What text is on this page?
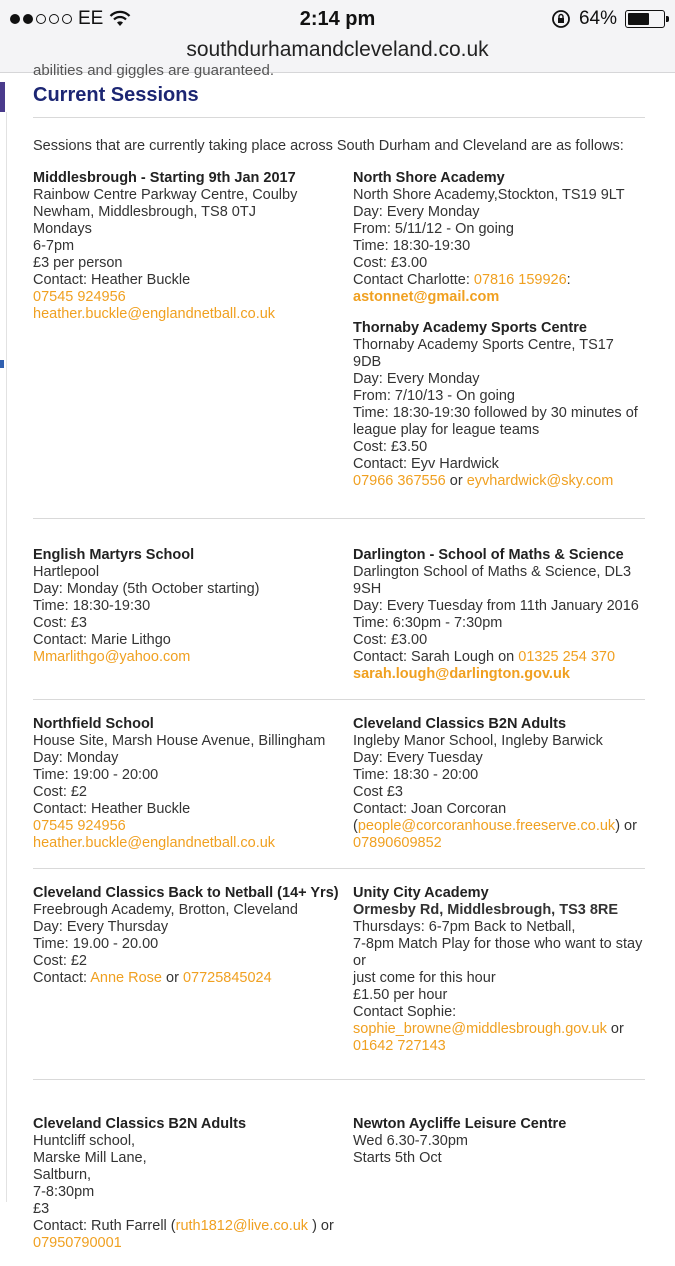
EE	2:14 pm	64%
southdurhamandcleveland.co.uk
abilities and giggles are guaranteed.
Current Sessions
Sessions that are currently taking place across South Durham and Cleveland are as follows:
Middlesbrough - Starting 9th Jan 2017
Rainbow Centre Parkway Centre, Coulby
Newham, Middlesbrough, TS8 0TJ
Mondays
6-7pm
£3 per person
Contact: Heather Buckle
07545 924956
heather.buckle@englandnetball.co.uk
North Shore Academy
North Shore Academy,Stockton, TS19 9LT
Day: Every Monday
From: 5/11/12 - On going
Time: 18:30-19:30
Cost: £3.00
Contact Charlotte: 07816 159926:
astonnet@gmail.com
Thornaby Academy Sports Centre
Thornaby Academy Sports Centre, TS17 9DB
Day: Every Monday
From: 7/10/13 - On going
Time: 18:30-19:30 followed by 30 minutes of
league play for league teams
Cost: £3.50
Contact: Eyv Hardwick
07966 367556 or eyvhardwick@sky.com
English Martyrs School
Hartlepool
Day: Monday (5th October starting)
Time: 18:30-19:30
Cost: £3
Contact: Marie Lithgo
Mmarlithgo@yahoo.com
Darlington - School of Maths & Science
Darlington School of Maths & Science, DL3 9SH
Day: Every Tuesday from 11th January 2016
Time: 6:30pm - 7:30pm
Cost: £3.00
Contact: Sarah Lough on 01325 254 370
sarah.lough@darlington.gov.uk
Northfield School
House Site, Marsh House Avenue, Billingham
Day: Monday
Time: 19:00 - 20:00
Cost: £2
Contact: Heather Buckle
07545 924956
heather.buckle@englandnetball.co.uk
Cleveland Classics B2N Adults
Ingleby Manor School, Ingleby Barwick
Day: Every Tuesday
Time: 18:30 - 20:00
Cost £3
Contact: Joan Corcoran
(people@corcoranhouse.freeserve.co.uk) or
07890609852
Cleveland Classics Back to Netball (14+ Yrs)
Freebrough Academy, Brotton, Cleveland
Day: Every Thursday
Time: 19.00 - 20.00
Cost: £2
Contact: Anne Rose or 07725845024
Unity City Academy
Ormesby Rd, Middlesbrough, TS3 8RE
Thursdays: 6-7pm Back to Netball,
7-8pm Match Play for those who want to stay or
just come for this hour
£1.50 per hour
Contact Sophie:
sophie_browne@middlesbrough.gov.uk or
01642 727143
Cleveland Classics B2N Adults
Huntcliff school,
Marske Mill Lane,
Saltburn,
7-8:30pm
£3
Contact: Ruth Farrell (ruth1812@live.co.uk ) or
07950790001
Newton Aycliffe Leisure Centre
Wed 6.30-7.30pm
Starts 5th Oct
